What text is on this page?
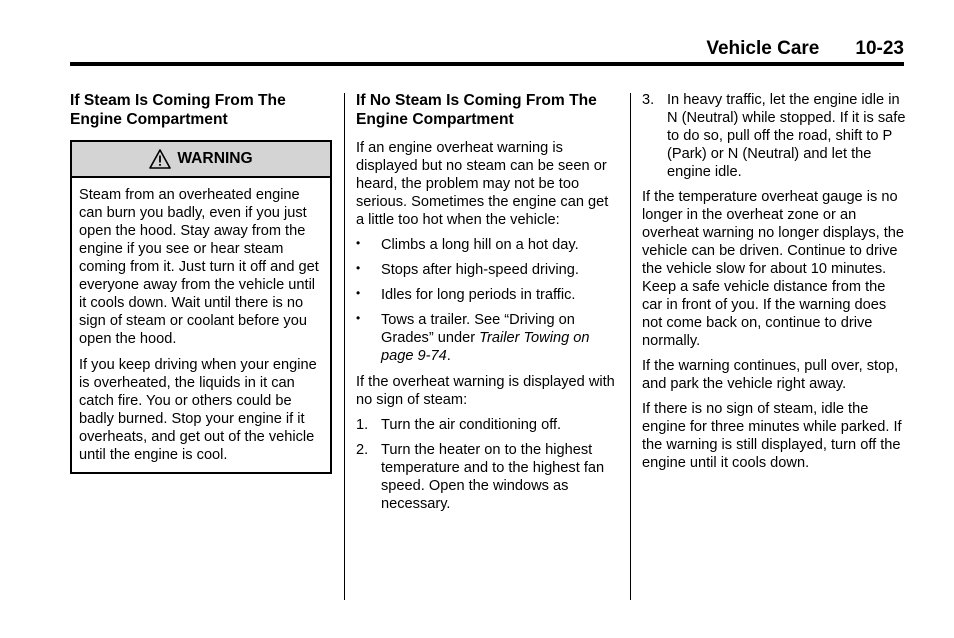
Vehicle Care 10-23
If Steam Is Coming From The Engine Compartment
WARNING

Steam from an overheated engine can burn you badly, even if you just open the hood. Stay away from the engine if you see or hear steam coming from it. Just turn it off and get everyone away from the vehicle until it cools down. Wait until there is no sign of steam or coolant before you open the hood.

If you keep driving when your engine is overheated, the liquids in it can catch fire. You or others could be badly burned. Stop your engine if it overheats, and get out of the vehicle until the engine is cool.

If No Steam Is Coming From The Engine Compartment

If an engine overheat warning is displayed but no steam can be seen or heard, the problem may not be too serious. Sometimes the engine can get a little too hot when the vehicle:

• Climbs a long hill on a hot day.
• Stops after high-speed driving.
• Idles for long periods in traffic.
• Tows a trailer. See “Driving on Grades” under Trailer Towing on page 9‑74.

If the overheat warning is displayed with no sign of steam:

1. Turn the air conditioning off.
2. Turn the heater on to the highest temperature and to the highest fan speed. Open the windows as necessary.
3. In heavy traffic, let the engine idle in N (Neutral) while stopped. If it is safe to do so, pull off the road, shift to P (Park) or N (Neutral) and let the engine idle.

If the temperature overheat gauge is no longer in the overheat zone or an overheat warning no longer displays, the vehicle can be driven. Continue to drive the vehicle slow for about 10 minutes. Keep a safe vehicle distance from the car in front of you. If the warning does not come back on, continue to drive normally.

If the warning continues, pull over, stop, and park the vehicle right away.

If there is no sign of steam, idle the engine for three minutes while parked. If the warning is still displayed, turn off the engine until it cools down.
